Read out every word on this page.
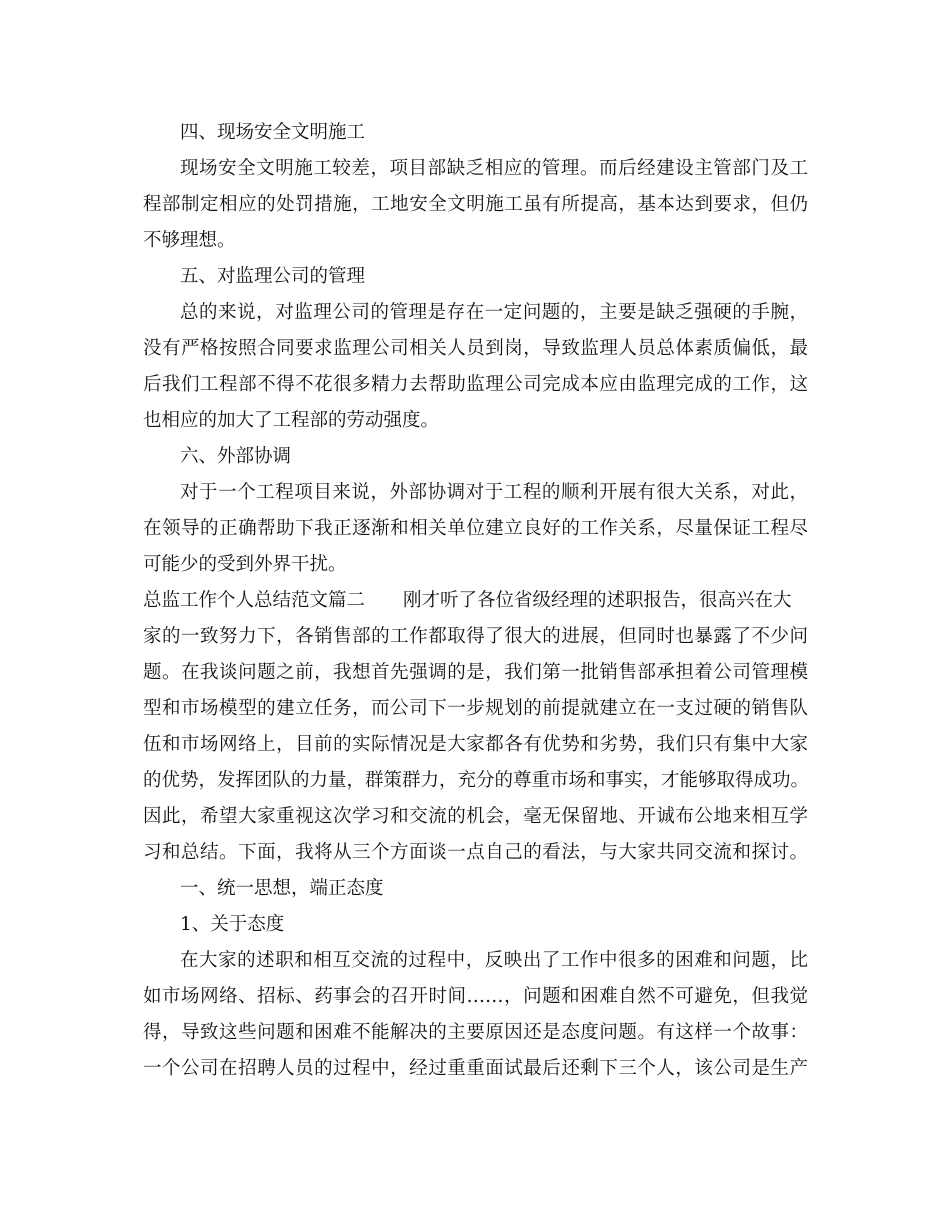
四、现场安全文明施工
现场安全文明施工较差，项目部缺乏相应的管理。而后经建设主管部门及工
程部制定相应的处罚措施，工地安全文明施工虽有所提高，基本达到要求，但仍
不够理想。
五、对监理公司的管理
总的来说，对监理公司的管理是存在一定问题的，主要是缺乏强硬的手腕，
没有严格按照合同要求监理公司相关人员到岗，导致监理人员总体素质偏低，最
后我们工程部不得不花很多精力去帮助监理公司完成本应由监理完成的工作，这
也相应的加大了工程部的劳动强度。
六、外部协调
对于一个工程项目来说，外部协调对于工程的顺利开展有很大关系，对此，
在领导的正确帮助下我正逐渐和相关单位建立良好的工作关系，尽量保证工程尽
可能少的受到外界干扰。
总监工作个人总结范文篇二 刚才听了各位省级经理的述职报告，很高兴在大
家的一致努力下，各销售部的工作都取得了很大的进展，但同时也暴露了不少问
题。在我谈问题之前，我想首先强调的是，我们第一批销售部承担着公司管理模
型和市场模型的建立任务，而公司下一步规划的前提就建立在一支过硬的销售队
伍和市场网络上，目前的实际情况是大家都各有优势和劣势，我们只有集中大家
的优势，发挥团队的力量，群策群力，充分的尊重市场和事实，才能够取得成功。
因此，希望大家重视这次学习和交流的机会，毫无保留地、开诚布公地来相互学
习和总结。下面，我将从三个方面谈一点自己的看法，与大家共同交流和探讨。
一、统一思想，端正态度
1、关于态度
在大家的述职和相互交流的过程中，反映出了工作中很多的困难和问题，比
如市场网络、招标、药事会的召开时间……，问题和困难自然不可避免，但我觉
得，导致这些问题和困难不能解决的主要原因还是态度问题。有这样一个故事：
一个公司在招聘人员的过程中，经过重重面试最后还剩下三个人，该公司是生产
